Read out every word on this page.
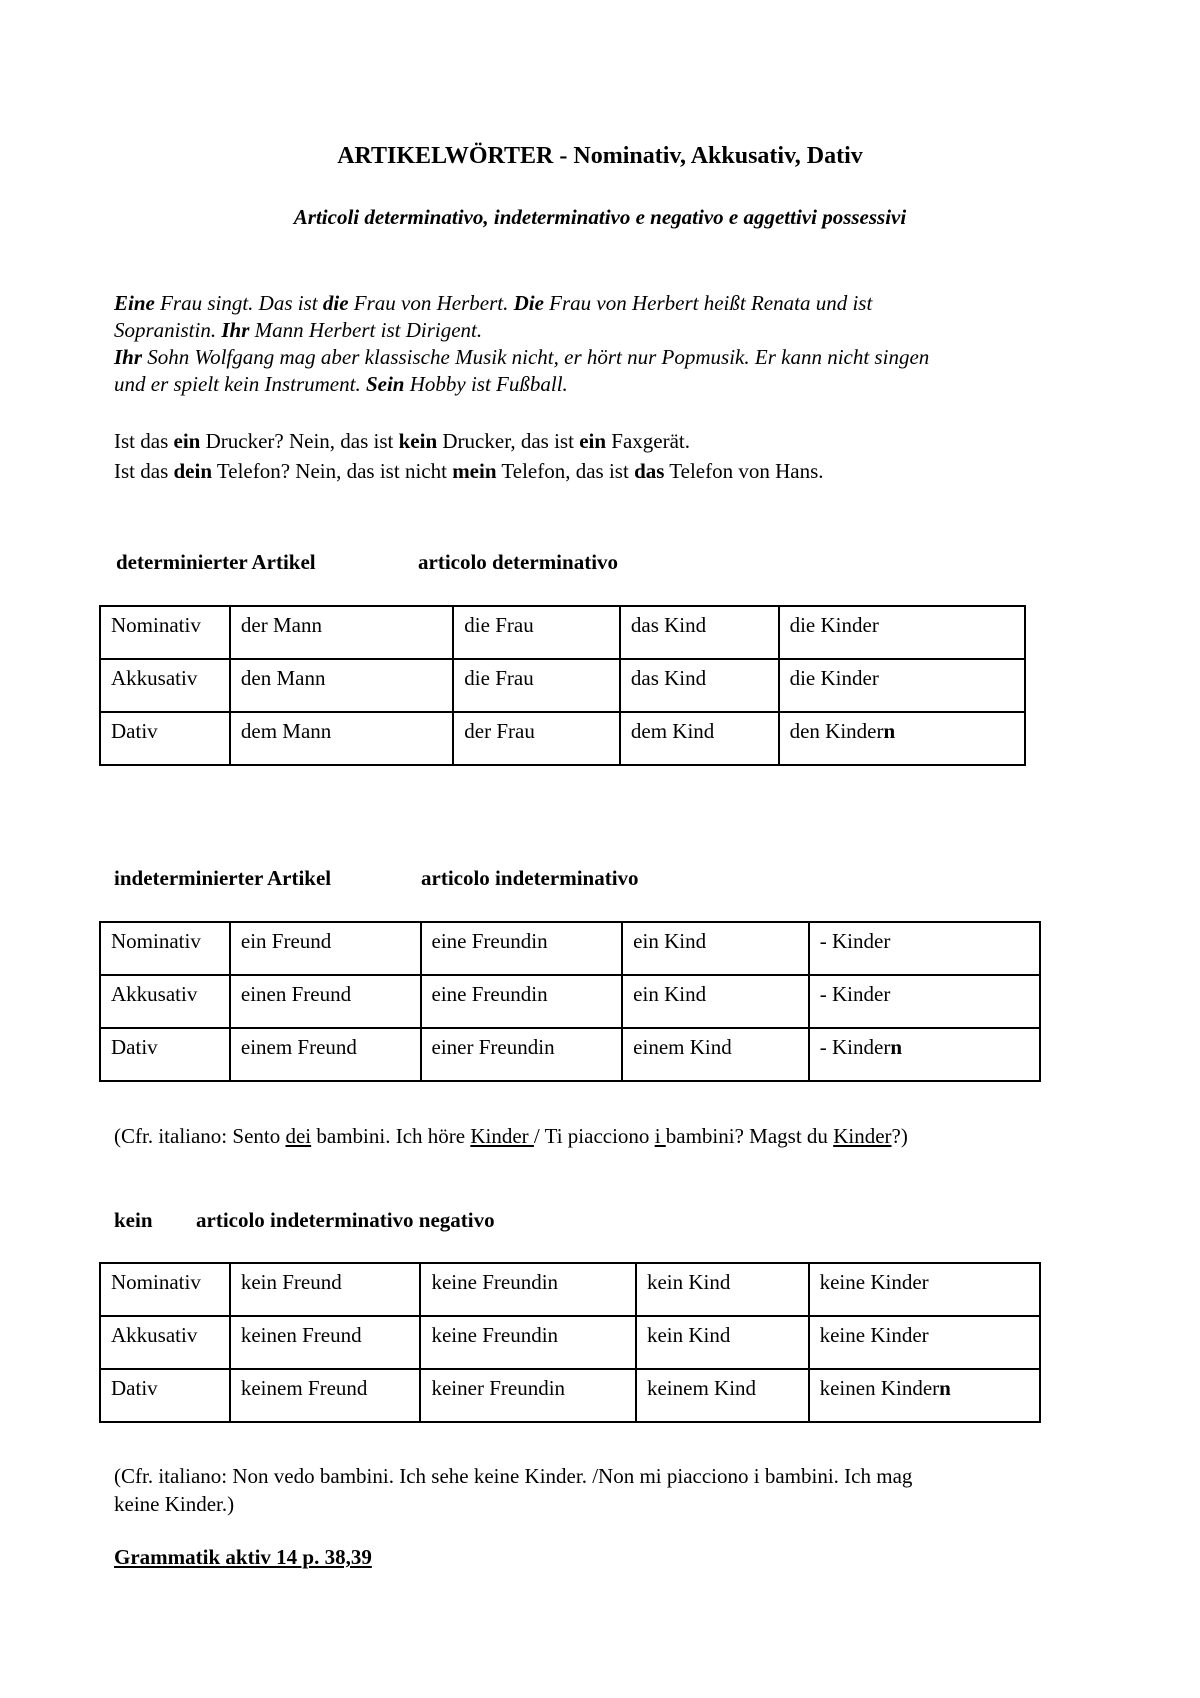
ARTIKELWÖRTER - Nominativ, Akkusativ, Dativ
Articoli determinativo, indeterminativo e negativo e aggettivi possessivi
Eine Frau singt. Das ist die Frau von Herbert. Die Frau von Herbert heißt Renata und ist
Sopranistin. Ihr Mann Herbert ist Dirigent.
Ihr Sohn Wolfgang mag aber klassische Musik nicht, er hört nur Popmusik. Er kann nicht singen
und er spielt kein Instrument. Sein Hobby ist Fußball.
Ist das ein Drucker? Nein, das ist kein Drucker, das ist ein Faxgerät.
Ist das dein Telefon? Nein, das ist nicht mein Telefon, das ist das Telefon von Hans.
determinierter Artikel	articolo determinativo
Nominativ	der Mann	die Frau	das Kind	die Kinder
Akkusativ	den Mann	die Frau	das Kind	die Kinder
Dativ	dem Mann	der Frau	dem Kind	den Kindern
indeterminierter Artikel	articolo indeterminativo
Nominativ	ein Freund	eine Freundin	ein Kind	- Kinder
Akkusativ	einen Freund	eine Freundin	ein Kind	- Kinder
Dativ	einem Freund	einer Freundin	einem Kind	- Kindern
(Cfr. italiano: Sento dei bambini. Ich höre Kinder / Ti piacciono i bambini? Magst du Kinder?)
kein articolo indeterminativo negativo
Nominativ	kein Freund	keine Freundin	kein Kind	keine Kinder
Akkusativ	keinen Freund	keine Freundin	kein Kind	keine Kinder
Dativ	keinem Freund	keiner Freundin	keinem Kind	keinen Kindern
(Cfr. italiano: Non vedo bambini. Ich sehe keine Kinder. /Non mi piacciono i bambini. Ich mag
keine Kinder.)
Grammatik aktiv 14 p. 38,39
